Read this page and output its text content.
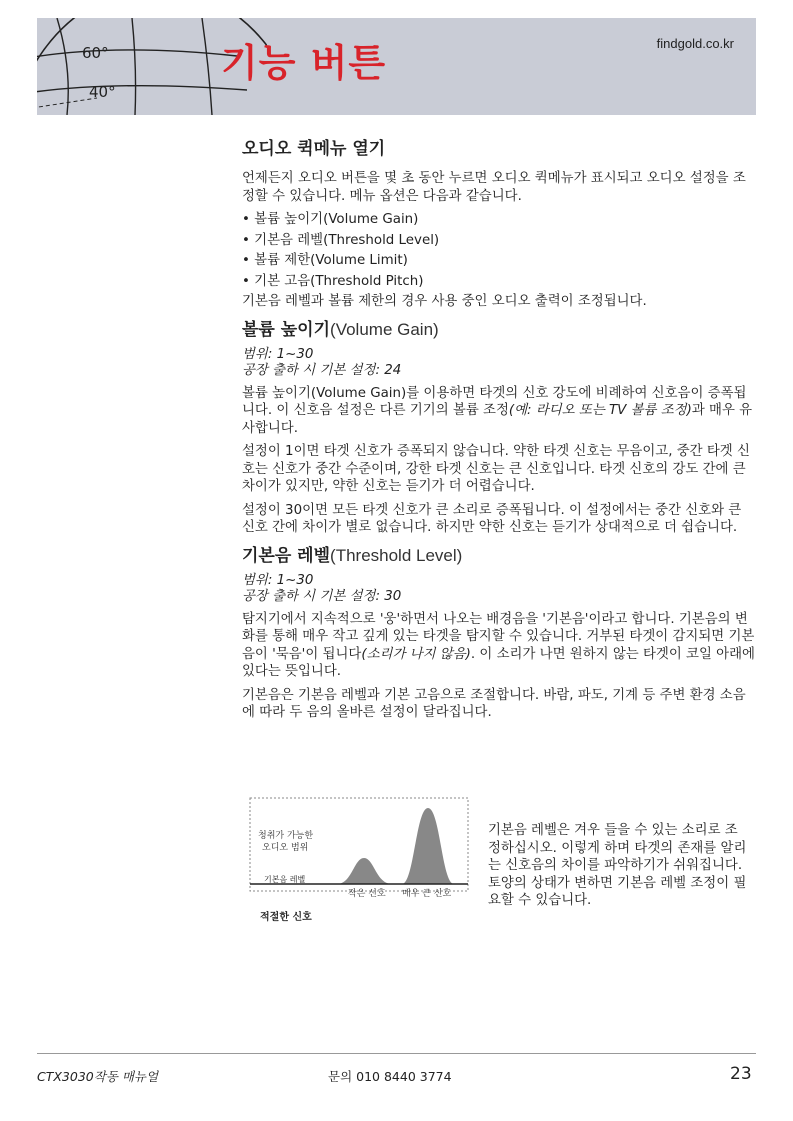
60°
40°
기능 버튼	findgold.co.kr
오디오 퀵메뉴 열기
언제든지 오디오 버튼을 몇 초 동안 누르면 오디오 퀵메뉴가 표시되고 오디오 설정을 조정할 수 있습니다. 메뉴 옵션은 다음과 같습니다.
• 볼륨 높이기(Volume Gain)
• 기본음 레벨(Threshold Level)
• 볼륨 제한(Volume Limit)
• 기본 고음(Threshold Pitch)
기본음 레벨과 볼륨 제한의 경우 사용 중인 오디오 출력이 조정됩니다.
볼륨 높이기(Volume Gain)
범위: 1~30
공장 출하 시 기본 설정: 24
볼륨 높이기(Volume Gain)를 이용하면 타겟의 신호 강도에 비례하여 신호음이 증폭됩니다. 이 신호음 설정은 다른 기기의 볼륨 조정(예: 라디오 또는 TV 볼륨 조정)과 매우 유사합니다.
설정이 1이면 타겟 신호가 증폭되지 않습니다. 약한 타겟 신호는 무음이고, 중간 타겟 신호는 신호가 중간 수준이며, 강한 타겟 신호는 큰 신호입니다. 타겟 신호의 강도 간에 큰 차이가 있지만, 약한 신호는 듣기가 더 어렵습니다.
설정이 30이면 모든 타겟 신호가 큰 소리로 증폭됩니다. 이 설정에서는 중간 신호와 큰 신호 간에 차이가 별로 없습니다. 하지만 약한 신호는 듣기가 상대적으로 더 쉽습니다.
기본음 레벨(Threshold Level)
범위: 1~30
공장 출하 시 기본 설정: 30
탐지기에서 지속적으로 '웅'하면서 나오는 배경음을 '기본음'이라고 합니다. 기본음의 변화를 통해 매우 작고 깊게 있는 타겟을 탐지할 수 있습니다. 거부된 타겟이 감지되면 기본음이 '묵음'이 됩니다(소리가 나지 않음). 이 소리가 나면 원하지 않는 타겟이 코일 아래에 있다는 뜻입니다.
기본음은 기본음 레벨과 기본 고음으로 조절합니다. 바람, 파도, 기계 등 주변 환경 소음에 따라 두 음의 올바른 설정이 달라집니다.
청취가 가능한
오디오 범위
기본음 레벨
작은 신호 매우 큰 신호
적절한 신호
기본음 레벨은 겨우 들을 수 있는 소리로 조정하십시오. 이렇게 하며 타겟의 존재를 알리는 신호음의 차이를 파악하기가 쉬워집니다. 토양의 상태가 변하면 기본음 레벨 조정이 필요할 수 있습니다.
CTX3030작동 매뉴얼	문의 010 8440 3774	23
